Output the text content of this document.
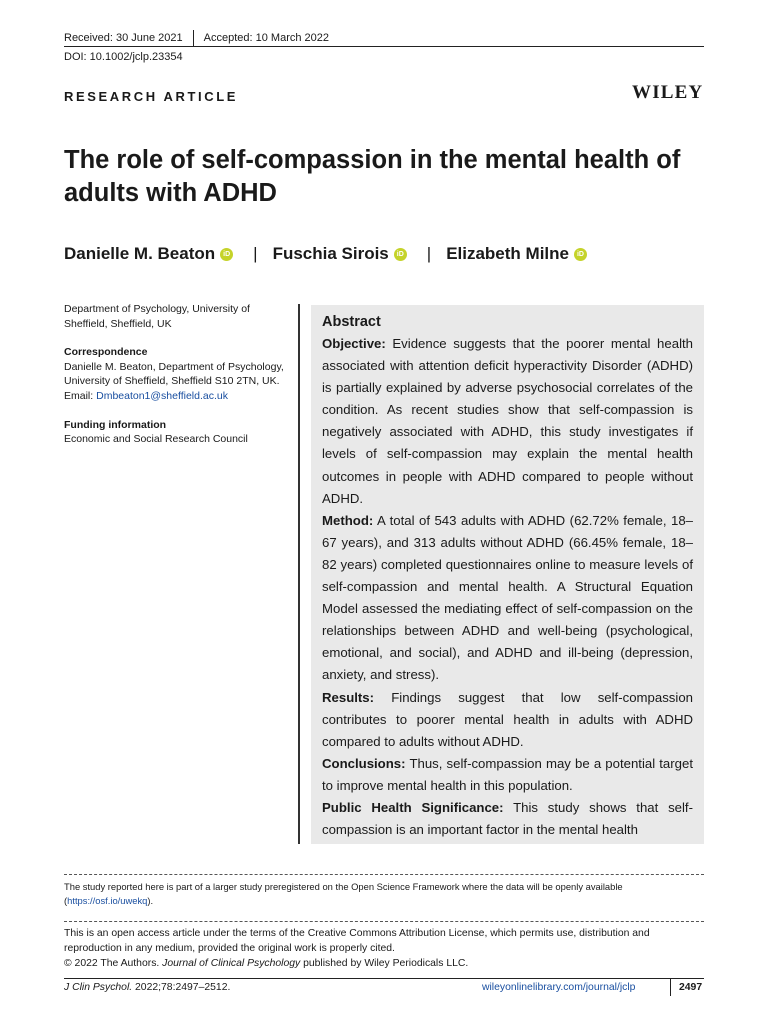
Received: 30 June 2021 Accepted: 10 March 2022
DOI: 10.1002/jclp.23354
RESEARCH ARTICLE	WILEY
The role of self-compassion in the mental health of adults with ADHD
Danielle M. Beaton	iD | Fuschia Sirois	iD | Elizabeth Milne	iD

Department of Psychology, University of Sheffield, Sheffield, UK

Correspondence

Danielle M. Beaton, Department of Psychology, University of Sheffield, Sheffield S10 2TN, UK.

Email: Dmbeaton1@sheffield.ac.uk

Funding information

Economic and Social Research Council

Abstract

Objective: Evidence suggests that the poorer mental health associated with attention deficit hyperactivity Disorder (ADHD) is partially explained by adverse psychosocial correlates of the condition. As recent studies show that self-compassion is negatively associated with ADHD, this study investigates if levels of self-compassion may explain the mental health outcomes in people with ADHD compared to people without ADHD.

Method: A total of 543 adults with ADHD (62.72% female, 18–67 years), and 313 adults without ADHD (66.45% female, 18–82 years) completed questionnaires online to measure levels of self-compassion and mental health. A Structural Equation Model assessed the mediating effect of self-compassion on the relationships between ADHD and well-being (psychological, emotional, and social), and ADHD and ill-being (depression, anxiety, and stress).

Results: Findings suggest that low self-compassion contributes to poorer mental health in adults with ADHD compared to adults without ADHD.

Conclusions: Thus, self-compassion may be a potential target to improve mental health in this population.

Public Health Significance: This study shows that self-compassion is an important factor in the mental health

The study reported here is part of a larger study preregistered on the Open Science Framework where the data will be openly available (https://osf.io/uwekq).
This is an open access article under the terms of the Creative Commons Attribution License, which permits use, distribution and reproduction in any medium, provided the original work is properly cited.
© 2022 The Authors. Journal of Clinical Psychology published by Wiley Periodicals LLC.
J Clin Psychol. 2022;78:2497–2512.	wileyonlinelibrary.com/journal/jclp	2497
